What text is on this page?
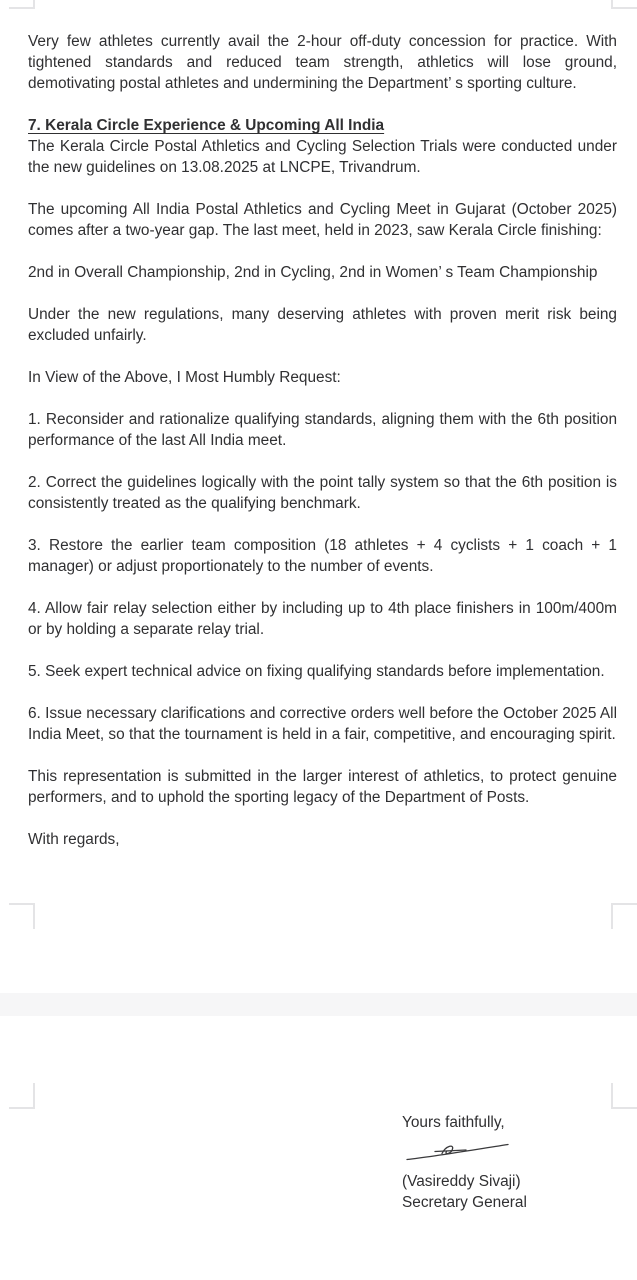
Very few athletes currently avail the 2-hour off-duty concession for practice. With tightened standards and reduced team strength, athletics will lose ground, demotivating postal athletes and undermining the Department’ s sporting culture.

7. Kerala Circle Experience & Upcoming All India

The Kerala Circle Postal Athletics and Cycling Selection Trials were conducted under the new guidelines on 13.08.2025 at LNCPE, Trivandrum.

The upcoming All India Postal Athletics and Cycling Meet in Gujarat (October 2025) comes after a two-year gap. The last meet, held in 2023, saw Kerala Circle finishing:

2nd in Overall Championship, 2nd in Cycling, 2nd in Women’ s Team Championship

Under the new regulations, many deserving athletes with proven merit risk being excluded unfairly.

In View of the Above, I Most Humbly Request:

1. Reconsider and rationalize qualifying standards, aligning them with the 6th position performance of the last All India meet.

2. Correct the guidelines logically with the point tally system so that the 6th position is consistently treated as the qualifying benchmark.

3. Restore the earlier team composition (18 athletes + 4 cyclists + 1 coach + 1 manager) or adjust proportionately to the number of events.

4. Allow fair relay selection either by including up to 4th place finishers in 100m/400m or by holding a separate relay trial.

5. Seek expert technical advice on fixing qualifying standards before implementation.

6. Issue necessary clarifications and corrective orders well before the October 2025 All India Meet, so that the tournament is held in a fair, competitive, and encouraging spirit.

This representation is submitted in the larger interest of athletics, to protect genuine performers, and to uphold the sporting legacy of the Department of Posts.

With regards,

Yours faithfully,
(Vasireddy Sivaji)
Secretary General
